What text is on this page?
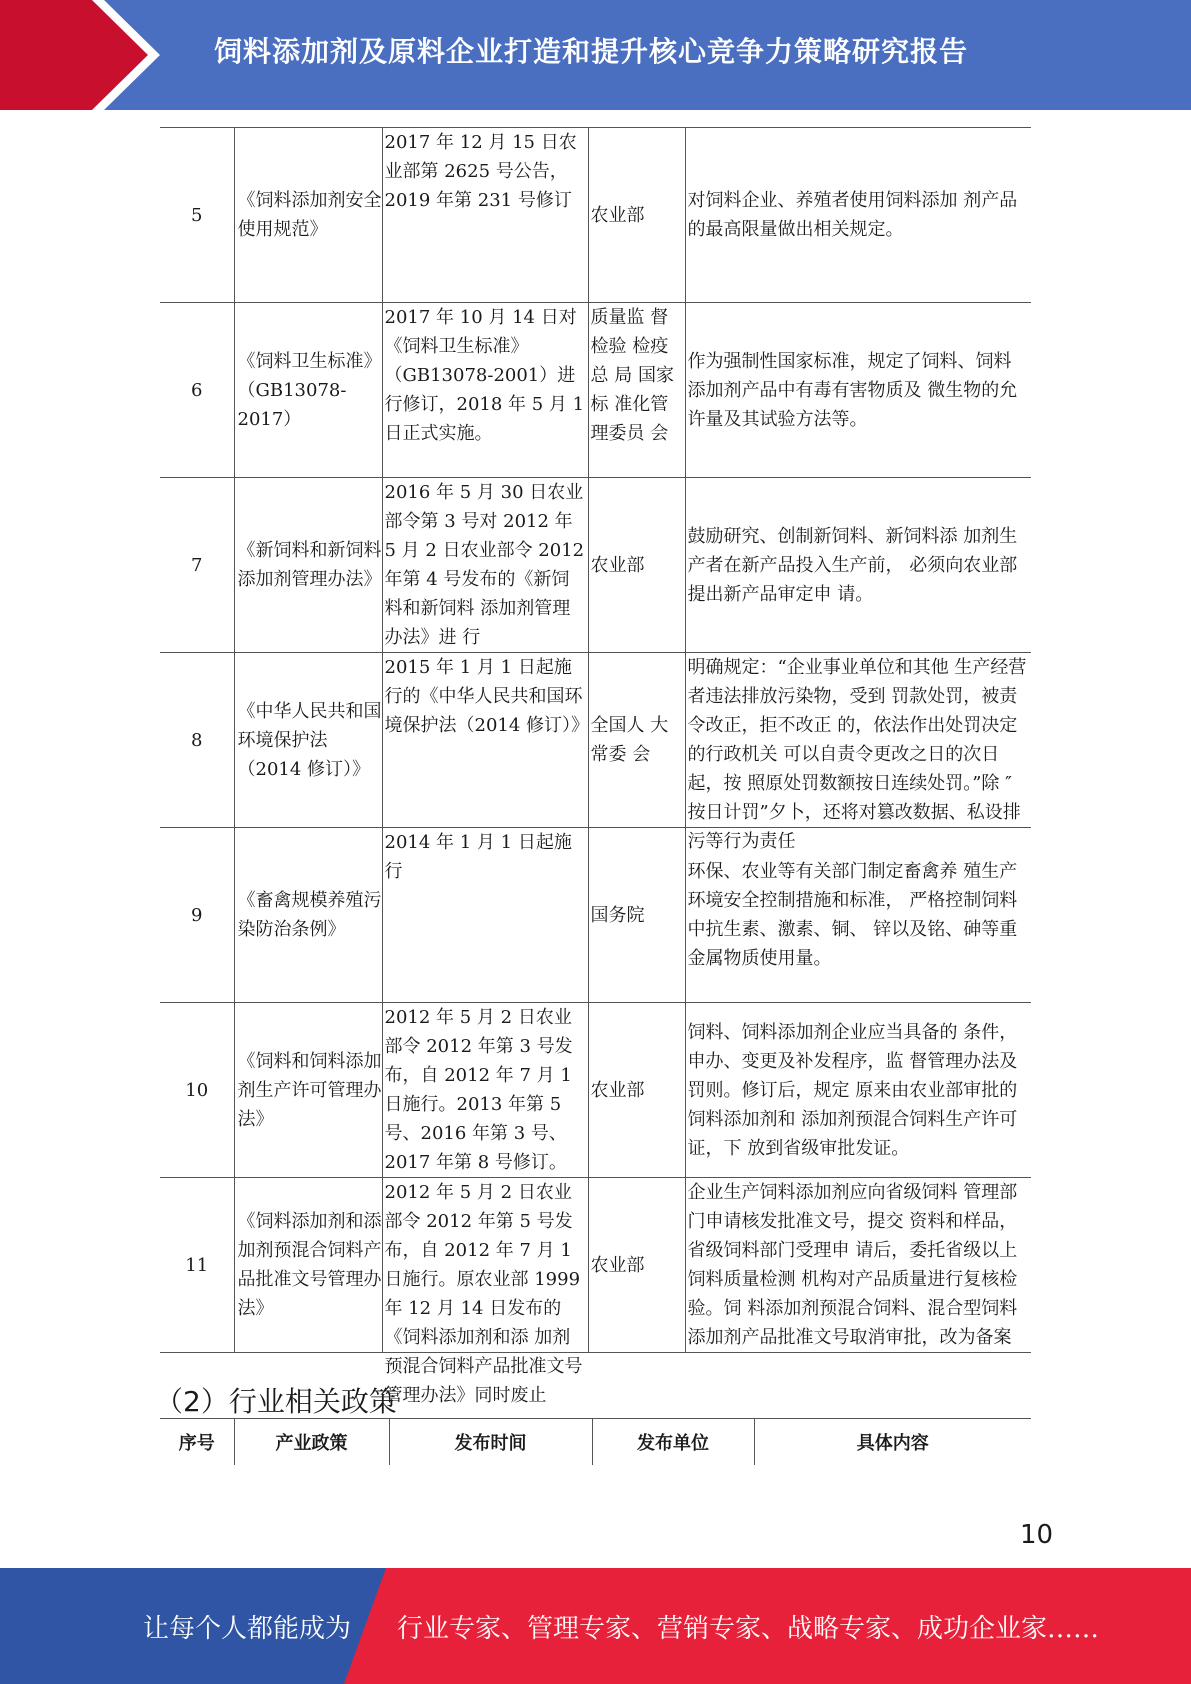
饲料添加剂及原料企业打造和提升核心竞争力策略研究报告
5	《饲料添加剂安全使用规范》	2017 年 12 月 15 日农业部第 2625 号公告，2019 年第 231 号修订	农业部	对饲料企业、养殖者使用饲料添加 剂产品的最高限量做出相关规定。

6	《饲料卫生标准》（GB13078-2017）	2017 年 10 月 14 日对《饲料卫生标准》（GB13078-2001）进行修订，2018 年 5 月 1 日正式实施。	质量监 督检验 检疫总 局 国家标 准化管 理委员 会	作为强制性国家标准，规定了饲料、饲料添加剂产品中有毒有害物质及 微生物的允许量及其试验方法等。

7	《新饲料和新饲料添加剂管理办法》	2016 年 5 月 30 日农业部令第 3 号对 2012 年 5 月 2 日农业部令 2012 年第 4 号发布的《新饲料和新饲料 添加剂管理办法》进 行	农业部	鼓励研究、创制新饲料、新饲料添 加剂生产者在新产品投入生产前， 必须向农业部提出新产品审定申 请。

8	《中华人民共和国环境保护法（2014 修订）》	2015 年 1 月 1 日起施行的《中华人民共和国环境保护法（2014 修订）》	全国人 大常委 会	明确规定：“企业事业单位和其他 生产经营者违法排放污染物，受到 罚款处罚，被责令改正，拒不改正 的，依法作出处罚决定的行政机关 可以自责令更改之日的次日起，按 照原处罚数额按日连续处罚。”除 ″按日计罚”夕卜，还将对篡改数据、私设排污等行为责任

9	《畜禽规模养殖污染防治条例》	2014 年 1 月 1 日起施行	国务院	环保、农业等有关部门制定畜禽养 殖生产环境安全控制措施和标准， 严格控制饲料中抗生素、激素、铜、 锌以及铭、砷等重金属物质使用量。

10	《饲料和饲料添加剂生产许可管理办法》	2012 年 5 月 2 日农业部令 2012 年第 3 号发布，自 2012 年 7 月 1 日施行。2013 年第 5 号、2016 年第 3 号、2017 年第 8 号修订。	农业部	饲料、饲料添加剂企业应当具备的 条件，申办、变更及补发程序，监 督管理办法及罚则。修订后，规定 原来由农业部审批的饲料添加剂和 添加剂预混合饲料生产许可证，下 放到省级审批发证。

11	《饲料添加剂和添加剂预混合饲料产品批准文号管理办法》	2012 年 5 月 2 日农业部令 2012 年第 5 号发布，自 2012 年 7 月 1 日施行。原农业部 1999 年 12 月 14 日发布的《饲料添加剂和添 加剂预混合饲料产品批准文号管理办法》同时废止	农业部	企业生产饲料添加剂应向省级饲料 管理部门申请核发批准文号，提交 资料和样品，省级饲料部门受理申 请后，委托省级以上饲料质量检测 机构对产品质量进行复核检验。饲 料添加剂预混合饲料、混合型饲料 添加剂产品批准文号取消审批，改为备案
（2）行业相关政策
序号	产业政策	发布时间	发布单位	具体内容
10
让每个人都能成为 行业专家、管理专家、营销专家、战略专家、成功企业家……
